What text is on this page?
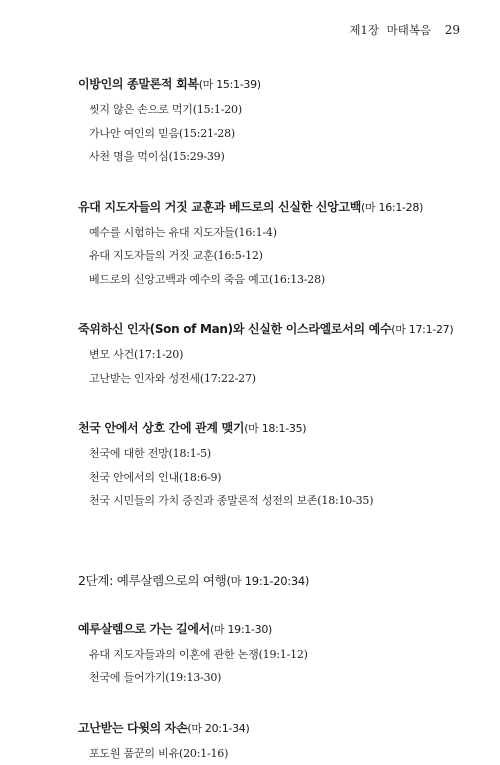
제1장 마태복음 29
이방인의 종말론적 회복(마 15:1-39)
씻지 않은 손으로 먹기(15:1-20)
가나안 여인의 믿음(15:21-28)
사천 명을 먹이심(15:29-39)
유대 지도자들의 거짓 교훈과 베드로의 신실한 신앙고백(마 16:1-28)
예수를 시험하는 유대 지도자들(16:1-4)
유대 지도자들의 거짓 교훈(16:5-12)
베드로의 신앙고백과 예수의 죽음 예고(16:13-28)
죽위하신 인자(Son of Man)와 신실한 이스라엘로서의 예수(마 17:1-27)
변모 사건(17:1-20)
고난받는 인자와 성전세(17:22-27)
천국 안에서 상호 간에 관계 맺기(마 18:1-35)
천국에 대한 전망(18:1-5)
천국 안에서의 인내(18:6-9)
천국 시민들의 가치 증진과 종말론적 성전의 보존(18:10-35)
2단계: 예루살렘으로의 여행(마 19:1-20:34)
예루살렘으로 가는 길에서(마 19:1-30)
유대 지도자들과의 이혼에 관한 논쟁(19:1-12)
천국에 들어가기(19:13-30)
고난받는 다윗의 자손(마 20:1-34)
포도원 품꾼의 비유(20:1-16)
